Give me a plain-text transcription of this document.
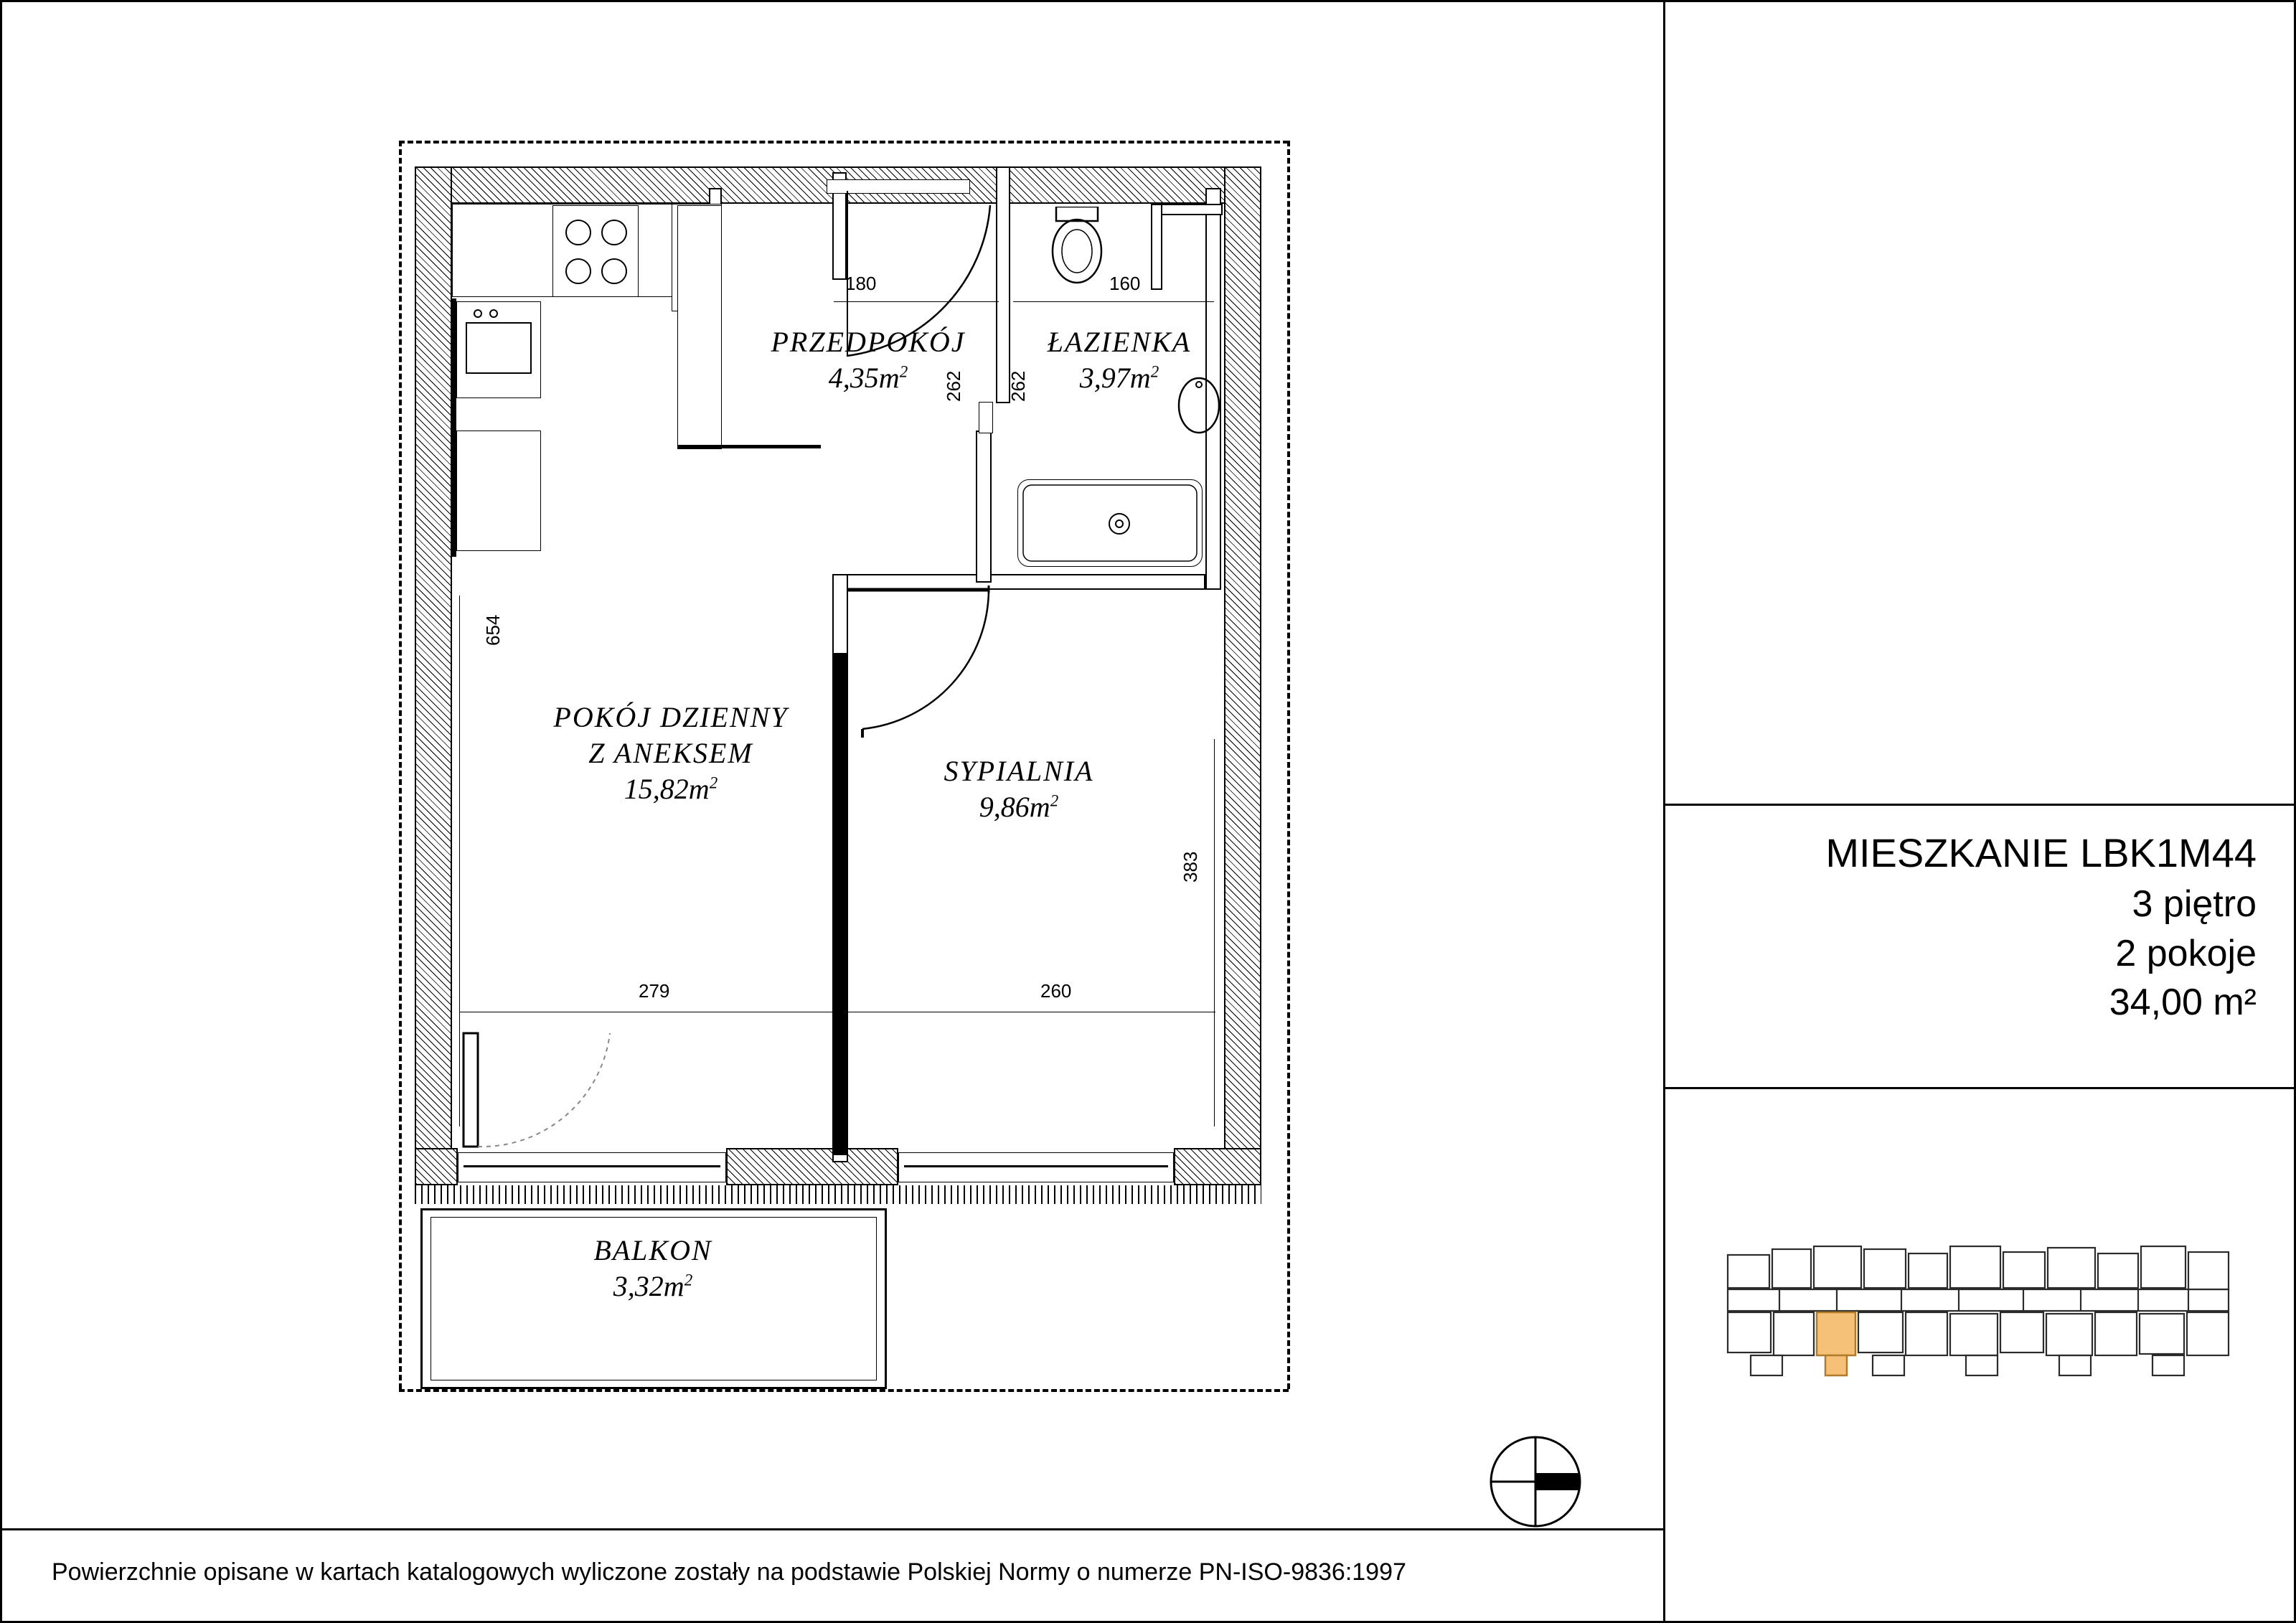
PRZEDPOKÓJ
$4,35m^2$
ŁAZIENKA
$3,97m^2$
POKÓJ DZIENNY
Z ANEKSEM
$15,82m^2$	SYPIALNIA
$9,86m^2$
BALKON
$3,32m^2$
180	160
262 262
654
383
279	260
Powierzchnie opisane w kartach katalogowych wyliczone zostały na podstawie Polskiej Normy o numerze PN-ISO-9836:1997
MIESZKANIE LBK1M44
3 piętro
2 pokoje
34,00 m²
